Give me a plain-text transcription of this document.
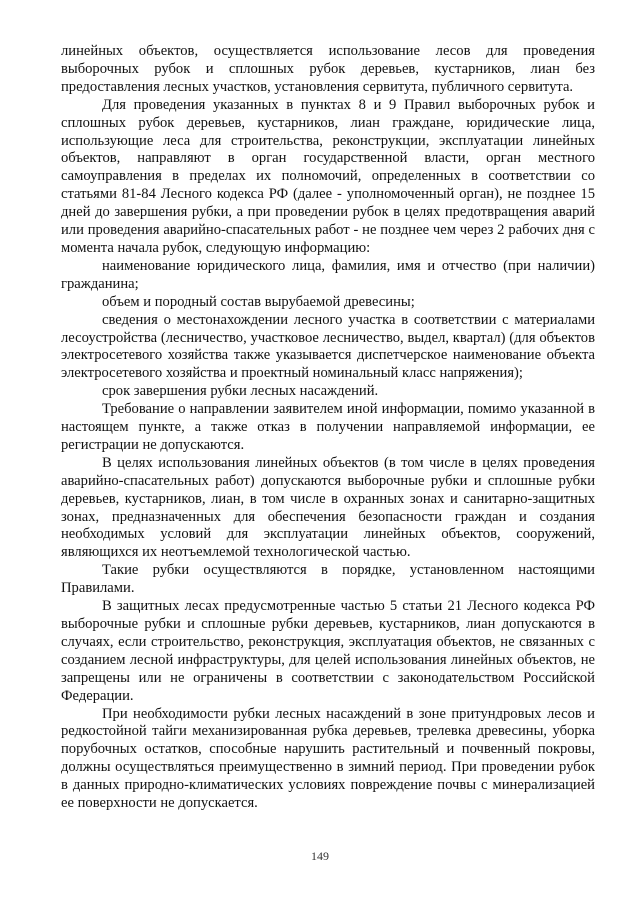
линейных объектов, осуществляется использование лесов для проведения выборочных рубок и сплошных рубок деревьев, кустарников, лиан без предоставления лесных участков, установления сервитута, публичного сервитута.

Для проведения указанных в пунктах 8 и 9 Правил выборочных рубок и сплошных рубок деревьев, кустарников, лиан граждане, юридические лица, использующие леса для строительства, реконструкции, эксплуатации линейных объектов, направляют в орган государственной власти, орган местного самоуправления в пределах их полномочий, определенных в соответствии со статьями 81-84 Лесного кодекса РФ (далее - уполномоченный орган), не позднее 15 дней до завершения рубки, а при проведении рубок в целях предотвращения аварий или проведения аварийно-спасательных работ - не позднее чем через 2 рабочих дня с момента начала рубок, следующую информацию:

наименование юридического лица, фамилия, имя и отчество (при наличии) гражданина;

объем и породный состав вырубаемой древесины;

сведения о местонахождении лесного участка в соответствии с материалами лесоустройства (лесничество, участковое лесничество, выдел, квартал) (для объектов электросетевого хозяйства также указывается диспетчерское наименование объекта электросетевого хозяйства и проектный номинальный класс напряжения);

срок завершения рубки лесных насаждений.

Требование о направлении заявителем иной информации, помимо указанной в настоящем пункте, а также отказ в получении направляемой информации, ее регистрации не допускаются.

В целях использования линейных объектов (в том числе в целях проведения аварийно-спасательных работ) допускаются выборочные рубки и сплошные рубки деревьев, кустарников, лиан, в том числе в охранных зонах и санитарно-защитных зонах, предназначенных для обеспечения безопасности граждан и создания необходимых условий для эксплуатации линейных объектов, сооружений, являющихся их неотъемлемой технологической частью.

Такие рубки осуществляются в порядке, установленном настоящими Правилами.

В защитных лесах предусмотренные частью 5 статьи 21 Лесного кодекса РФ выборочные рубки и сплошные рубки деревьев, кустарников, лиан допускаются в случаях, если строительство, реконструкция, эксплуатация объектов, не связанных с созданием лесной инфраструктуры, для целей использования линейных объектов, не запрещены или не ограничены в соответствии с законодательством Российской Федерации.

При необходимости рубки лесных насаждений в зоне притундровых лесов и редкостойной тайги механизированная рубка деревьев, трелевка древесины, уборка порубочных остатков, способные нарушить растительный и почвенный покровы, должны осуществляться преимущественно в зимний период. При проведении рубок в данных природно-климатических условиях повреждение почвы с минерализацией ее поверхности не допускается.

149
